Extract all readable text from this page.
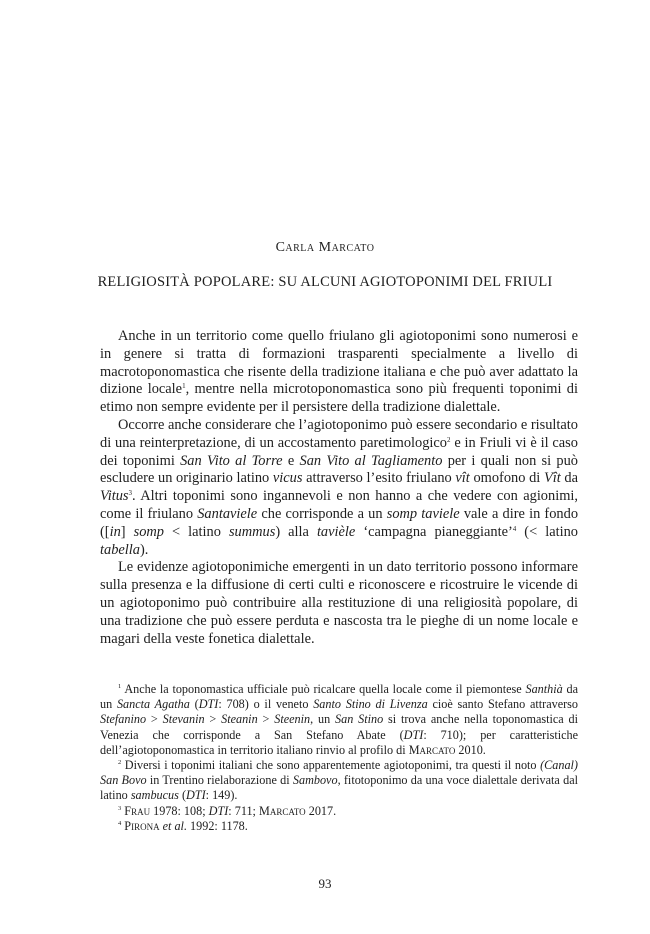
Carla Marcato
RELIGIOSITÀ POPOLARE: SU ALCUNI AGIOTOPONIMI DEL FRIULI

Anche in un territorio come quello friulano gli agiotoponimi sono numerosi e in genere si tratta di formazioni trasparenti specialmente a livello di macrotoponomastica che risente della tradizione italiana e che può aver adattato la dizione locale$^1$, mentre nella microtoponomastica sono più frequenti toponimi di etimo non sempre evidente per il persistere della tradizione dialettale.

Occorre anche considerare che l’agiotoponimo può essere secondario e risultato di una reinterpretazione, di un accostamento paretimologico$^2$ e in Friuli vi è il caso dei toponimi San Vito al Torre e San Vito al Tagliamento per i quali non si può escludere un originario latino vicus attraverso l’esito friulano vît omofono di Vît da Vitus$^3$. Altri toponimi sono ingannevoli e non hanno a che vedere con agionimi, come il friulano Santaviele che corrisponde a un somp taviele vale a dire in fondo ([in] somp < latino summus) alla tavièle ‘campagna pianeggiante’$^4$ (< latino tabella).

Le evidenze agiotoponimiche emergenti in un dato territorio possono informare sulla presenza e la diffusione di certi culti e riconoscere e ricostruire le vicende di un agiotoponimo può contribuire alla restituzione di una religiosità popolare, di una tradizione che può essere perduta e nascosta tra le pieghe di un nome locale e magari della veste fonetica dialettale.

$^1$ Anche la toponomastica ufficiale può ricalcare quella locale come il piemontese Santhià da un Sancta Agatha (DTI: 708) o il veneto Santo Stino di Livenza cioè santo Stefano attraverso Stefanino > Stevanin > Steanin > Steenin, un San Stino si trova anche nella toponomastica di Venezia che corrisponde a San Stefano Abate (DTI: 710); per caratteristiche dell’agiotoponomastica in territorio italiano rinvio al profilo di Marcato 2010.

$^2$ Diversi i toponimi italiani che sono apparentemente agiotoponimi, tra questi il noto (Canal) San Bovo in Trentino rielaborazione di Sambovo, fitotoponimo da una voce dialettale derivata dal latino sambucus (DTI: 149).

$^3$ Frau 1978: 108; DTI: 711; Marcato 2017.

$^4$ Pirona et al. 1992: 1178.

93
